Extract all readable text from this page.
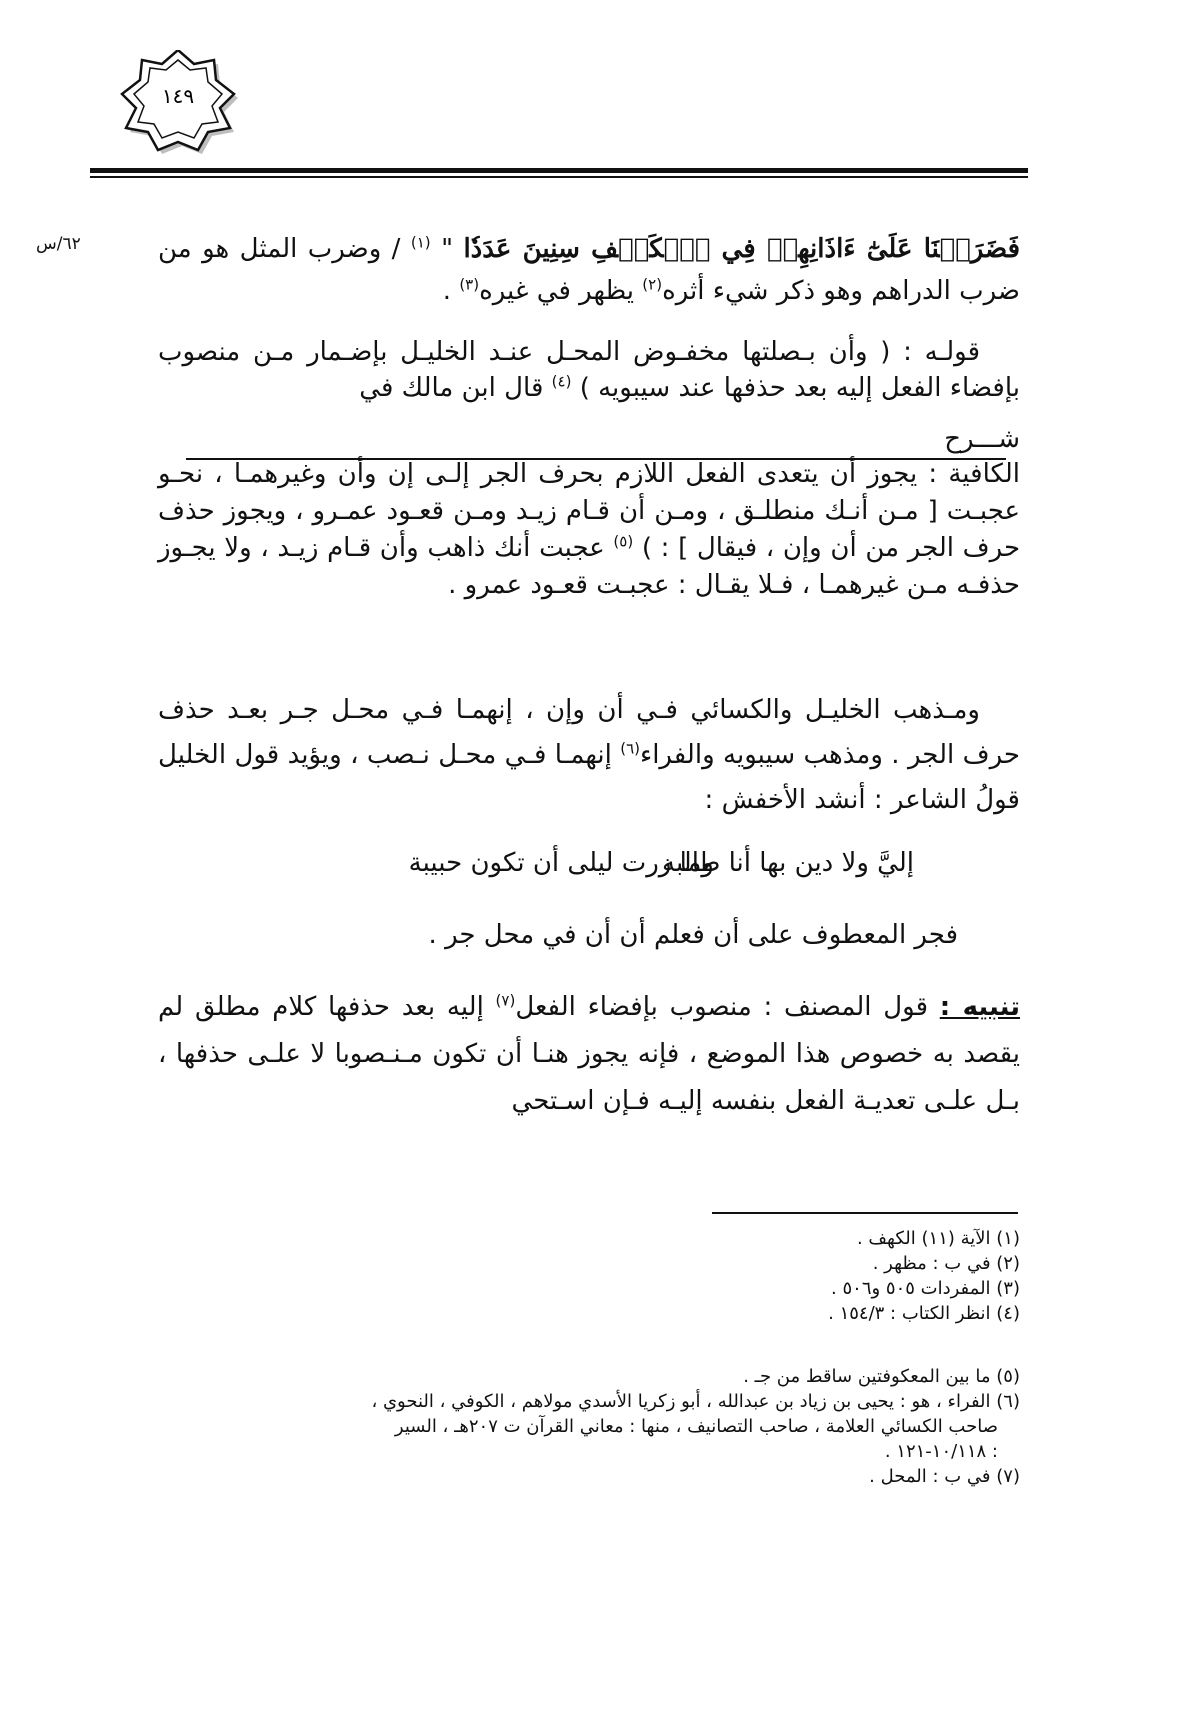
١٤٩
٦٢/س	فَضَرَبۡنَا عَلَىٰٓ ءَاذَانِهِمۡ فِي ٱلۡكَهۡفِ سِنِينَ عَدَدٗا " $^{(١)}$ / وضرب المثل هو من ضرب الدراهم وهو ذكر شيء أثره$^{(٢)}$ يظهر في غيره$^{(٣)}$ .
قولـه : ( وأن بـصلتها مخفـوض المحـل عنـد الخليـل بإضـمار مـن منصوب بإفضاء الفعل إليه بعد حذفها عند سيبويه ) $^{(٤)}$ قال ابن مالك في
شـــرح
الكافية : يجوز أن يتعدى الفعل اللازم بحرف الجر إلـى إن وأن وغيرهمـا ، نحـو عجبـت [ مـن أنـك منطلـق ، ومـن أن قـام زيـد ومـن قعـود عمـرو ، ويجوز حذف حرف الجر من أن وإن ، فيقال ] : ) $^{(٥)}$ عجبت أنك ذاهب وأن قـام زيـد ، ولا يجـوز حذفـه مـن غيرهمـا ، فـلا يقـال : عجبـت قعـود عمرو .
ومـذهب الخليـل والكسائي فـي أن وإن ، إنهمـا فـي محـل جـر بعـد حذف حرف الجر . ومذهب سيبويه والفراء$^{(٦)}$ إنهمـا فـي محـل نـصب ، ويؤيد قول الخليل قولُ الشاعر : أنشد الأخفش :
وما زرت ليلى أن تكون حبيبة
إليَّ ولا دين بها أنا طالبه
فجر المعطوف على أن فعلم أن أن في محل جر .
تنبيه : قول المصنف : منصوب بإفضاء الفعل$^{(٧)}$ إليه بعد حذفها كلام مطلق لم يقصد به خصوص هذا الموضع ، فإنه يجوز هنـا أن تكون مـنـصوبا لا علـى حذفها ، بـل علـى تعديـة الفعل بنفسه إليـه فـإن اسـتحي
(١) الآية (١١) الكهف .
(٢) في ب : مظهر .
(٣) المفردات ٥٠٥ و٥٠٦ .
(٤) انظر الكتاب : ١٥٤/٣ .
(٥) ما بين المعكوفتين ساقط من جـ .
(٦) الفراء ، هو : يحيى بن زياد بن عبدالله ، أبو زكريا الأسدي مولاهم ، الكوفي ، النحوي ،
صاحب الكسائي العلامة ، صاحب التصانيف ، منها : معاني القرآن ت ٢٠٧هـ ، السير
: ١٠/١١٨-١٢١ .
(٧) في ب : المحل .
